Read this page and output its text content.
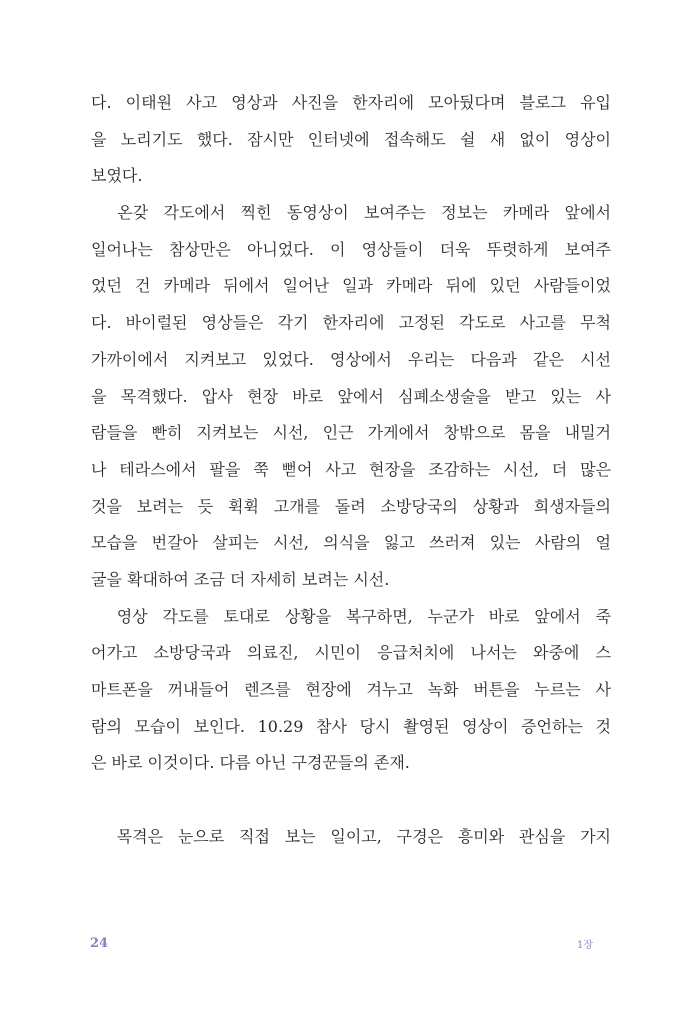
다. 이태원 사고 영상과 사진을 한자리에 모아뒀다며 블로그 유입
을 노리기도 했다. 잠시만 인터넷에 접속해도 쉴 새 없이 영상이
보였다.
　온갖 각도에서 찍힌 동영상이 보여주는 정보는 카메라 앞에서
일어나는 참상만은 아니었다. 이 영상들이 더욱 뚜렷하게 보여주
었던 건 카메라 뒤에서 일어난 일과 카메라 뒤에 있던 사람들이었
다. 바이럴된 영상들은 각기 한자리에 고정된 각도로 사고를 무척
가까이에서 지켜보고 있었다. 영상에서 우리는 다음과 같은 시선
을 목격했다. 압사 현장 바로 앞에서 심폐소생술을 받고 있는 사
람들을 빤히 지켜보는 시선, 인근 가게에서 창밖으로 몸을 내밀거
나 테라스에서 팔을 쭉 뻗어 사고 현장을 조감하는 시선, 더 많은
것을 보려는 듯 휙휙 고개를 돌려 소방당국의 상황과 희생자들의
모습을 번갈아 살피는 시선, 의식을 잃고 쓰러져 있는 사람의 얼
굴을 확대하여 조금 더 자세히 보려는 시선.
　영상 각도를 토대로 상황을 복구하면, 누군가 바로 앞에서 죽
어가고 소방당국과 의료진, 시민이 응급처치에 나서는 와중에 스
마트폰을 꺼내들어 렌즈를 현장에 겨누고 녹화 버튼을 누르는 사
람의 모습이 보인다. 10.29 참사 당시 촬영된 영상이 증언하는 것
은 바로 이것이다. 다름 아닌 구경꾼들의 존재.
　목격은 눈으로 직접 보는 일이고, 구경은 흥미와 관심을 가지
24	1장
